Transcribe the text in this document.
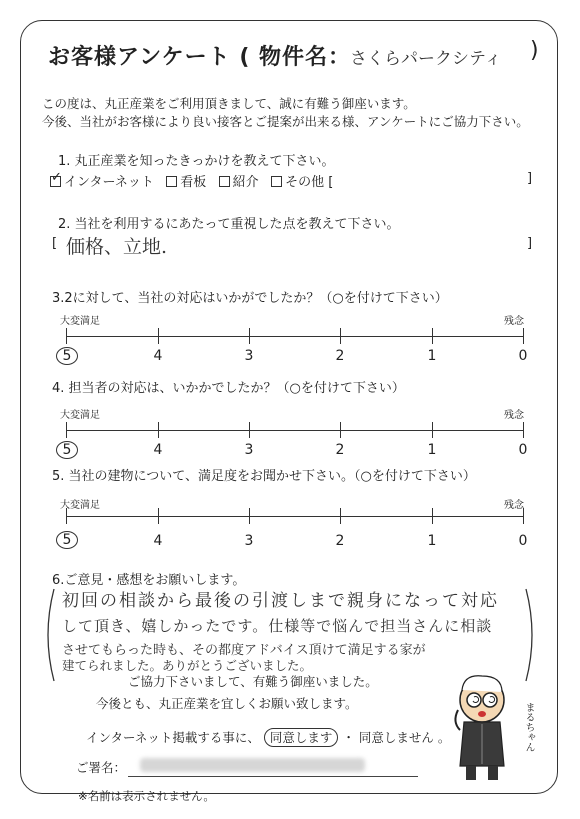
お客様アンケート ( 物件名：
さくらパークシティ )
この度は、丸正産業をご利用頂きまして、誠に有難う御座います。
今後、当社がお客様により良い接客とご提案が出来る様、アンケートにご協力下さい。
1. 丸正産業を知ったきっかけを教えて下さい。
✓インターネット 看板 紹介 その他 [	]
2. 当社を利用するにあたって重視した点を教えて下さい。
[ 価格、立地.	]
3.2に対して、当社の対応はいかがでしたか？（○を付けて下さい）
大変満足	残念
5	4	3	2	1	0
4. 担当者の対応は、いかかでしたか？（○を付けて下さい）
大変満足	残念
5	4	3	2	1	0
5. 当社の建物について、満足度をお聞かせ下さい。（○を付けて下さい）
大変満足	残念
5	4	3	2	1	0
6.ご意見・感想をお願いします。
初回の相談から最後の引渡しまで親身になって対応
して頂き、嬉しかったです。仕様等で悩んで担当さんに相談
させてもらった時も、その都度アドバイス頂けて満足する家が
建てられました。ありがとうございました。
ご協力下さいまして、有難う御座いました。
今後とも、丸正産業を宜しくお願い致します。
インターネット掲載する事に、 同意します ・ 同意しません 。
ご署名：
※名前は表示されません。
まるちゃん
